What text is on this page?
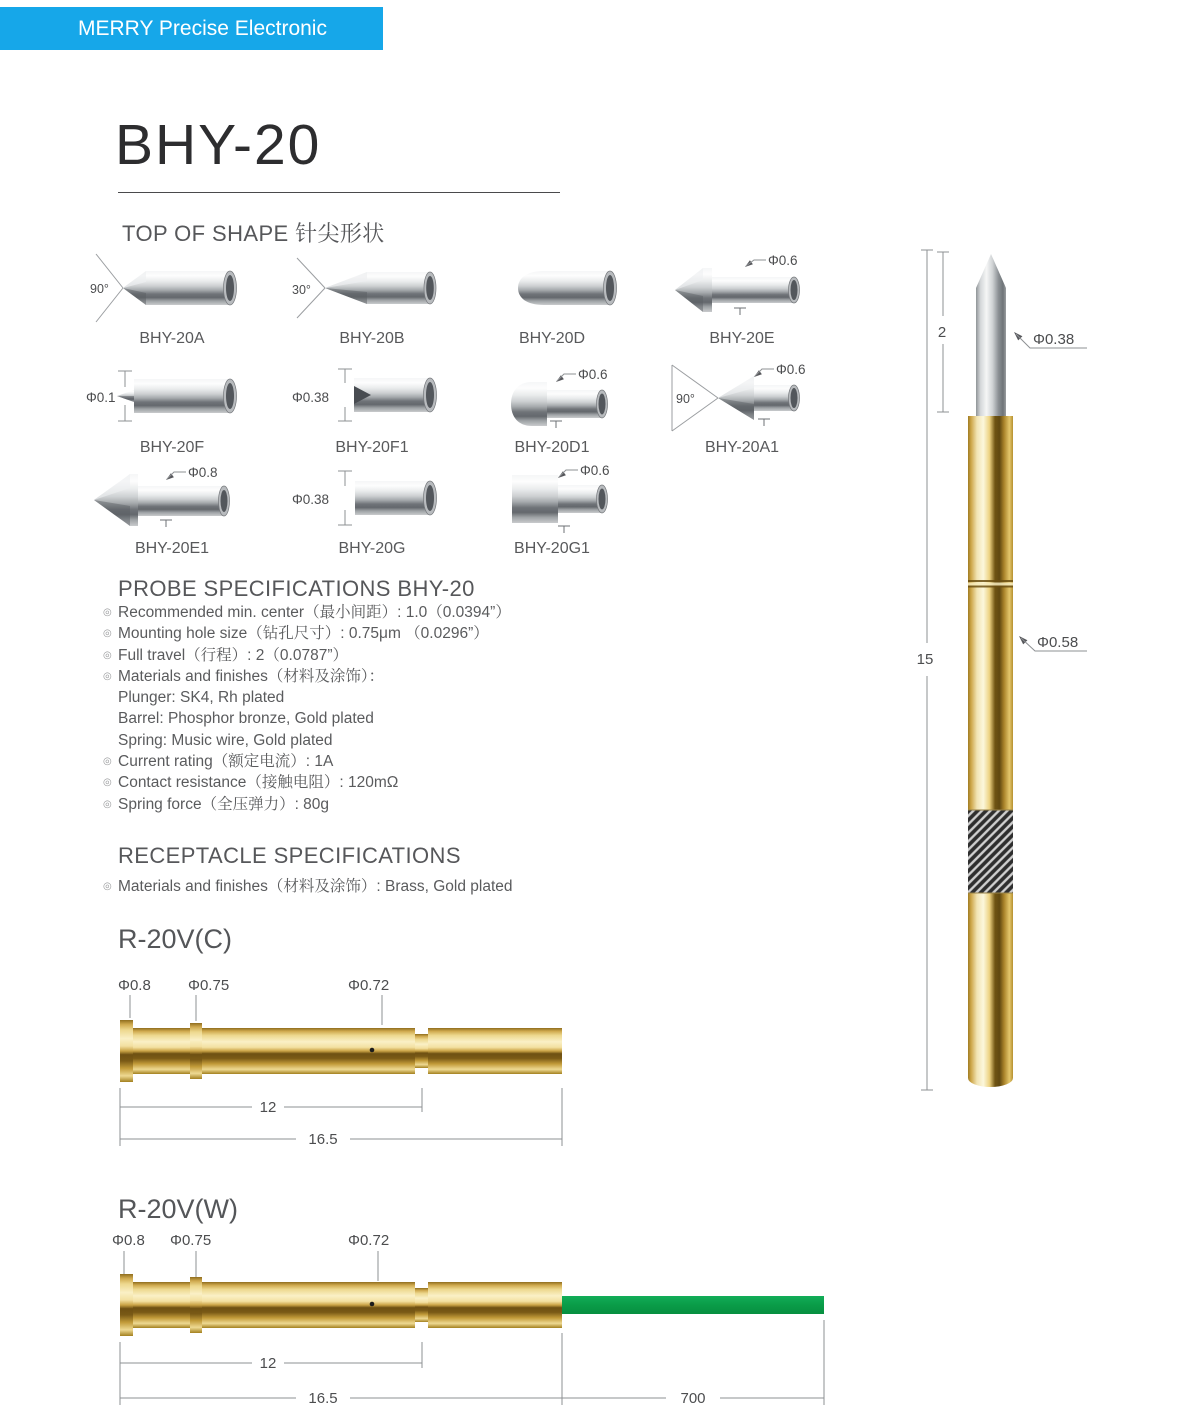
MERRY Precise Electronic
BHY-20
TOP OF SHAPE 针尖形状
90°
BHY-20A
30°
BHY-20B	BHY-20D
Φ0.6
BHY-20E
Φ0.1
BHY-20F
Φ0.38
BHY-20F1
Φ0.6
BHY-20D1
90°
Φ0.6
BHY-20A1
Φ0.8
BHY-20E1
Φ0.38
BHY-20G
Φ0.6
BHY-20G1
15
2	Φ0.38
Φ0.58
PROBE SPECIFICATIONS BHY-20
◎ Recommended min. center（最小间距）: 1.0（0.0394”）
◎ Mounting hole size（钻孔尺寸）: 0.75μm （0.0296”）
◎ Full travel（行程）: 2（0.0787”）
◎ Materials and finishes（材料及涂饰）：
Plunger: SK4, Rh plated
Barrel: Phosphor bronze, Gold plated
Spring: Music wire, Gold plated
◎ Current rating（额定电流）: 1A
◎ Contact resistance（接触电阻）: 120mΩ
◎ Spring force（全压弹力）: 80g
RECEPTACLE SPECIFICATIONS
◎ Materials and finishes（材料及涂饰）: Brass, Gold plated
R-20V(C)
Φ0.8 Φ0.75	Φ0.72
12
16.5
R-20V(W)
Φ0.8 Φ0.75	Φ0.72
12
16.5	700
